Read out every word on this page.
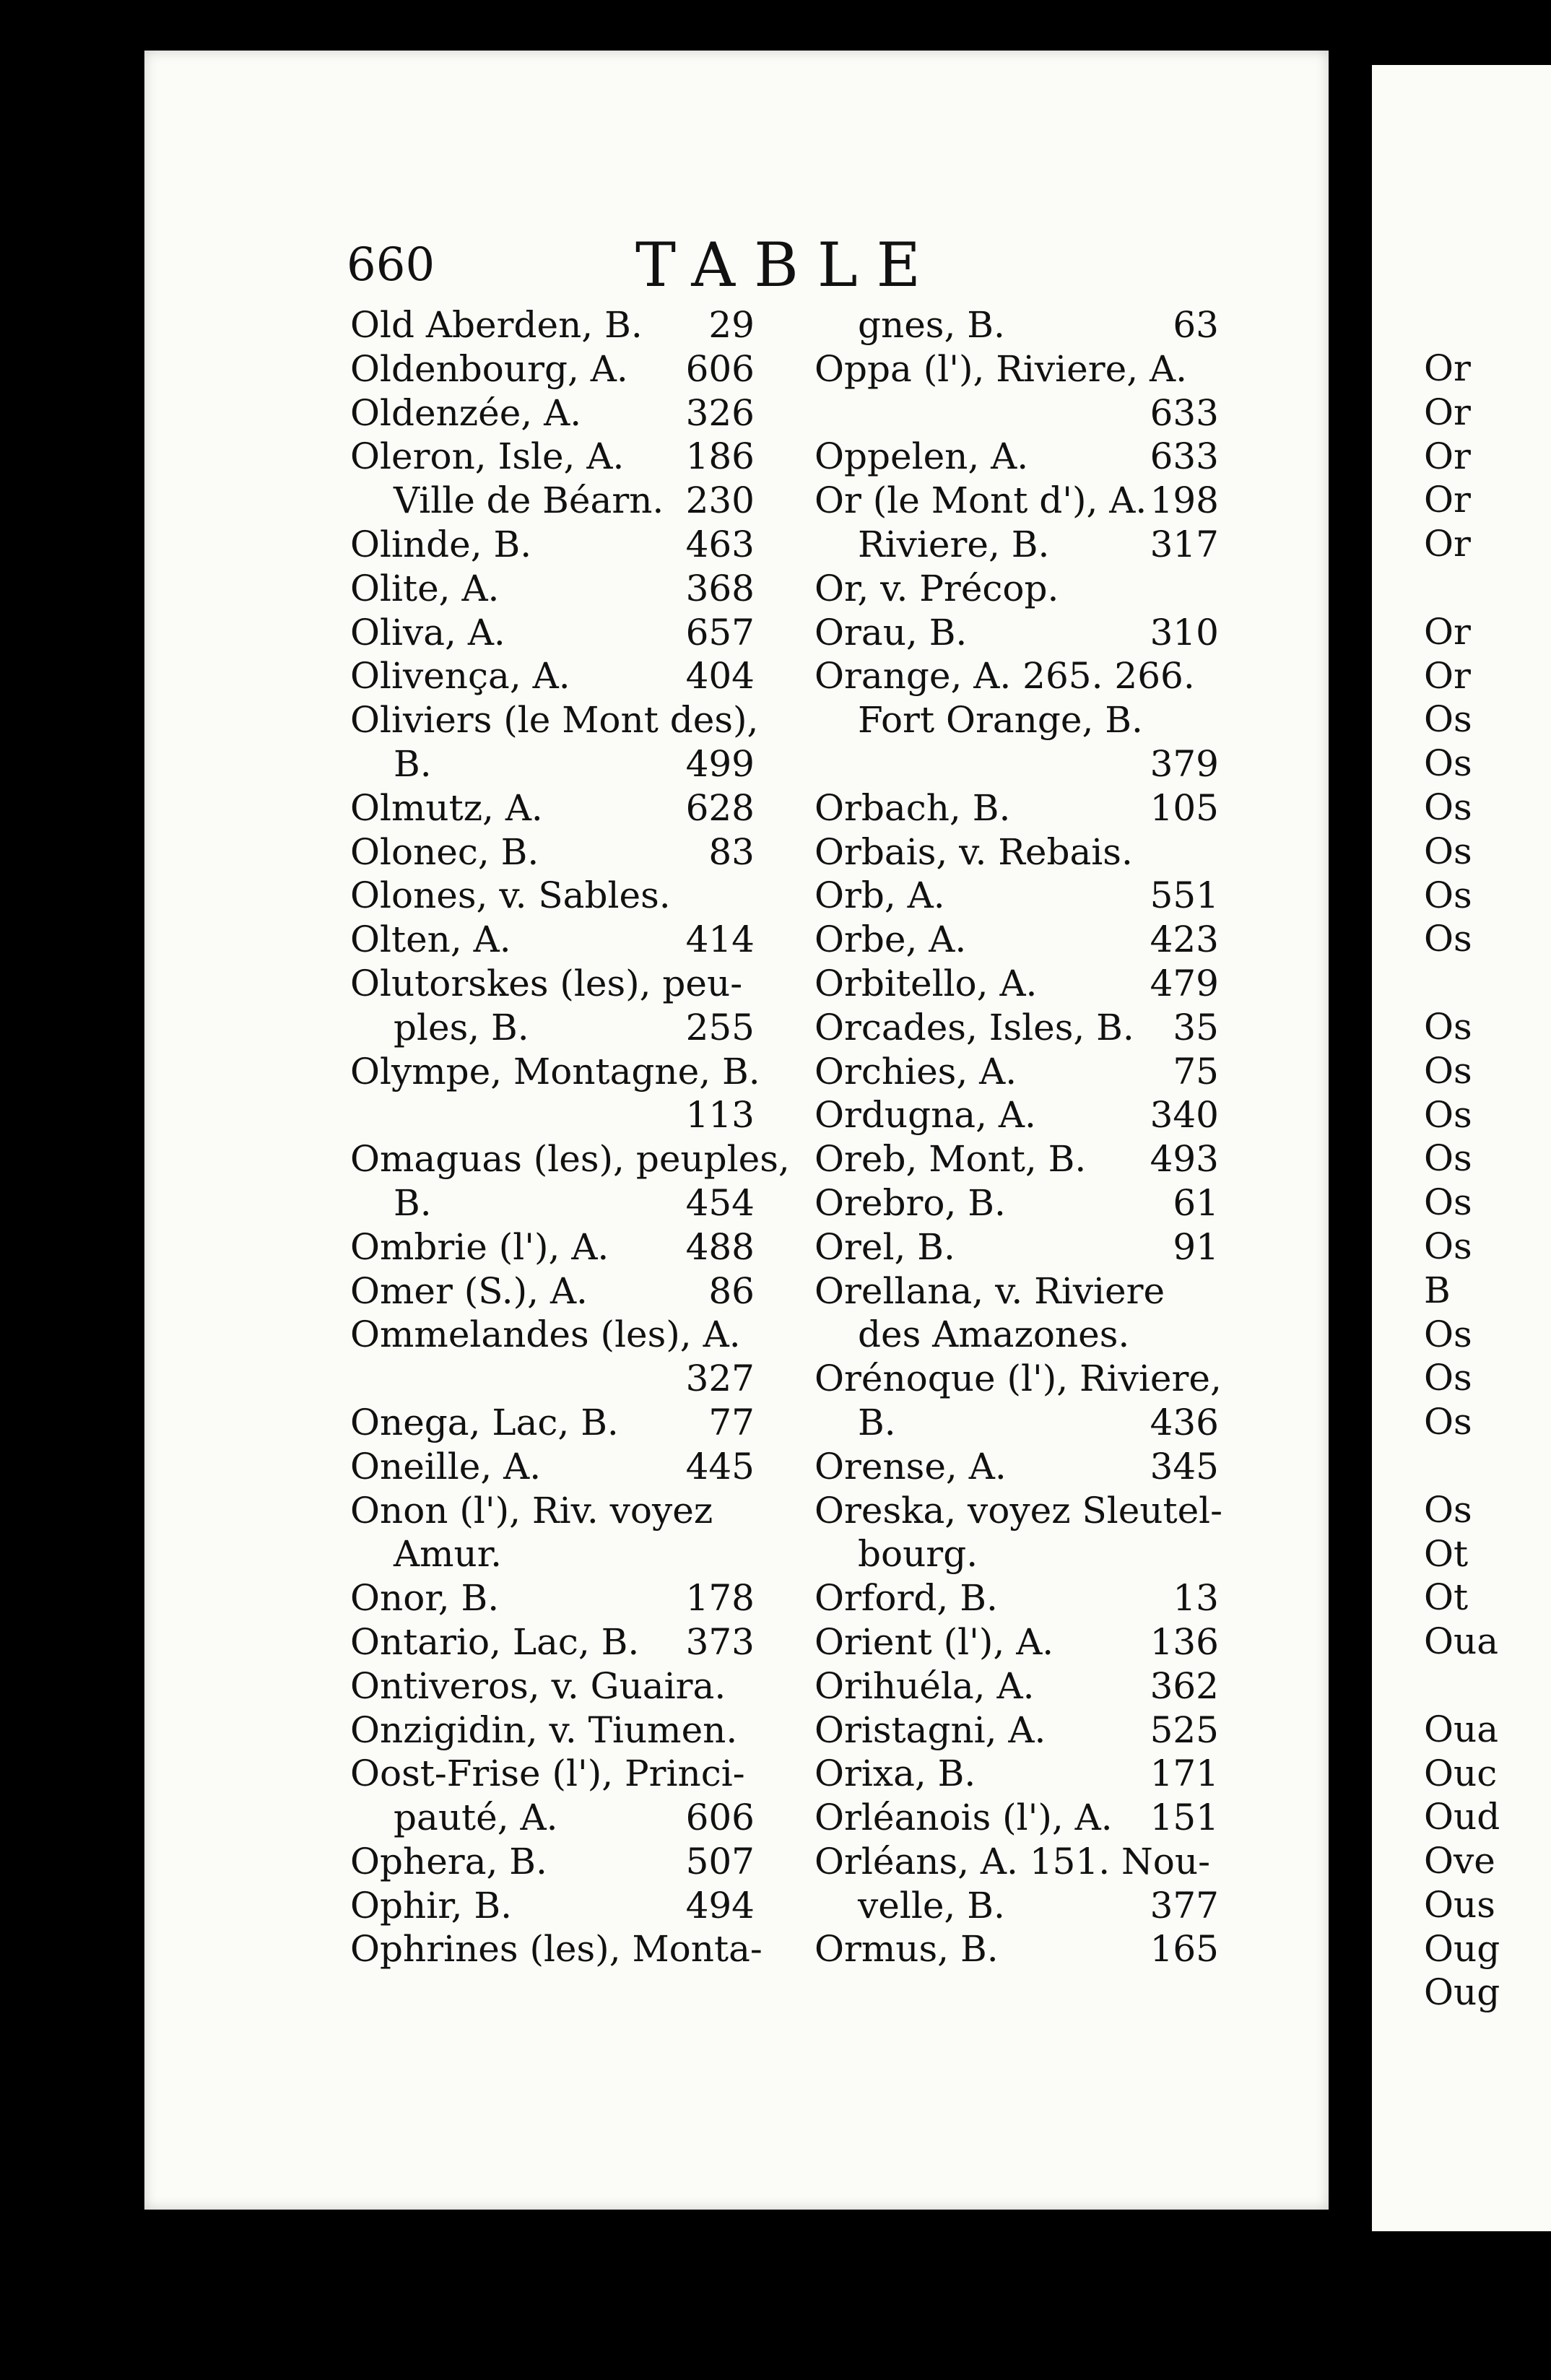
Or
Or
Or
Or
Or
Or
Or
Os
Os
Os
Os
Os
Os
Os
Os
Os
Os
Os
Os
B
Os
Os
Os
Os
Ot
Ot
Oua
Oua
Ouc
Oud
Ove
Ous
Oug
Oug
660	TABLE
Old Aberden, B. 29
Oldenbourg, A. 606
Oldenzée, A.	326
Oleron, Isle, A. 186
Ville de Béarn. 230
Olinde, B.	463
Olite, A.	368
Oliva, A.	657
Olivença, A.	404
Oliviers (le Mont des),
B.	499
Olmutz, A.	628
Olonec, B.	83
Olones, v. Sables.
Olten, A.	414
Olutorskes (les), peu-
ples, B.	255
Olympe, Montagne, B.
113
Omaguas (les), peuples,
B.	454
Ombrie (l'), A. 488
Omer (S.), A.	86
Ommelandes (les), A.
327
Onega, Lac, B. 77
Oneille, A.	445
Onon (l'), Riv. voyez
Amur.
Onor, B.	178
Ontario, Lac, B. 373
Ontiveros, v. Guaira.
Onzigidin, v. Tiumen.
Oost-Frise (l'), Princi-
pauté, A.	606
Ophera, B.	507
Ophir, B.	494
Ophrines (les), Monta-
gnes, B.	63
Oppa (l'), Riviere, A.
633
Oppelen, A.	633
Or (le Mont d'), A. 198
Riviere, B.	317
Or, v. Précop.
Orau, B.	310
Orange, A. 265. 266.
Fort Orange, B.
379
Orbach, B.	105
Orbais, v. Rebais.
Orb, A.	551
Orbe, A.	423
Orbitello, A.	479
Orcades, Isles, B. 35
Orchies, A.	75
Ordugna, A.	340
Oreb, Mont, B. 493
Orebro, B.	61
Orel, B.	91
Orellana, v. Riviere
des Amazones.
Orénoque (l'), Riviere,
B.	436
Orense, A.	345
Oreska, voyez Sleutel-
bourg.
Orford, B.	13
Orient (l'), A.	136
Orihuéla, A.	362
Oristagni, A.	525
Orixa, B.	171
Orléanois (l'), A. 151
Orléans, A. 151. Nou-
velle, B.	377
Ormus, B.	165
